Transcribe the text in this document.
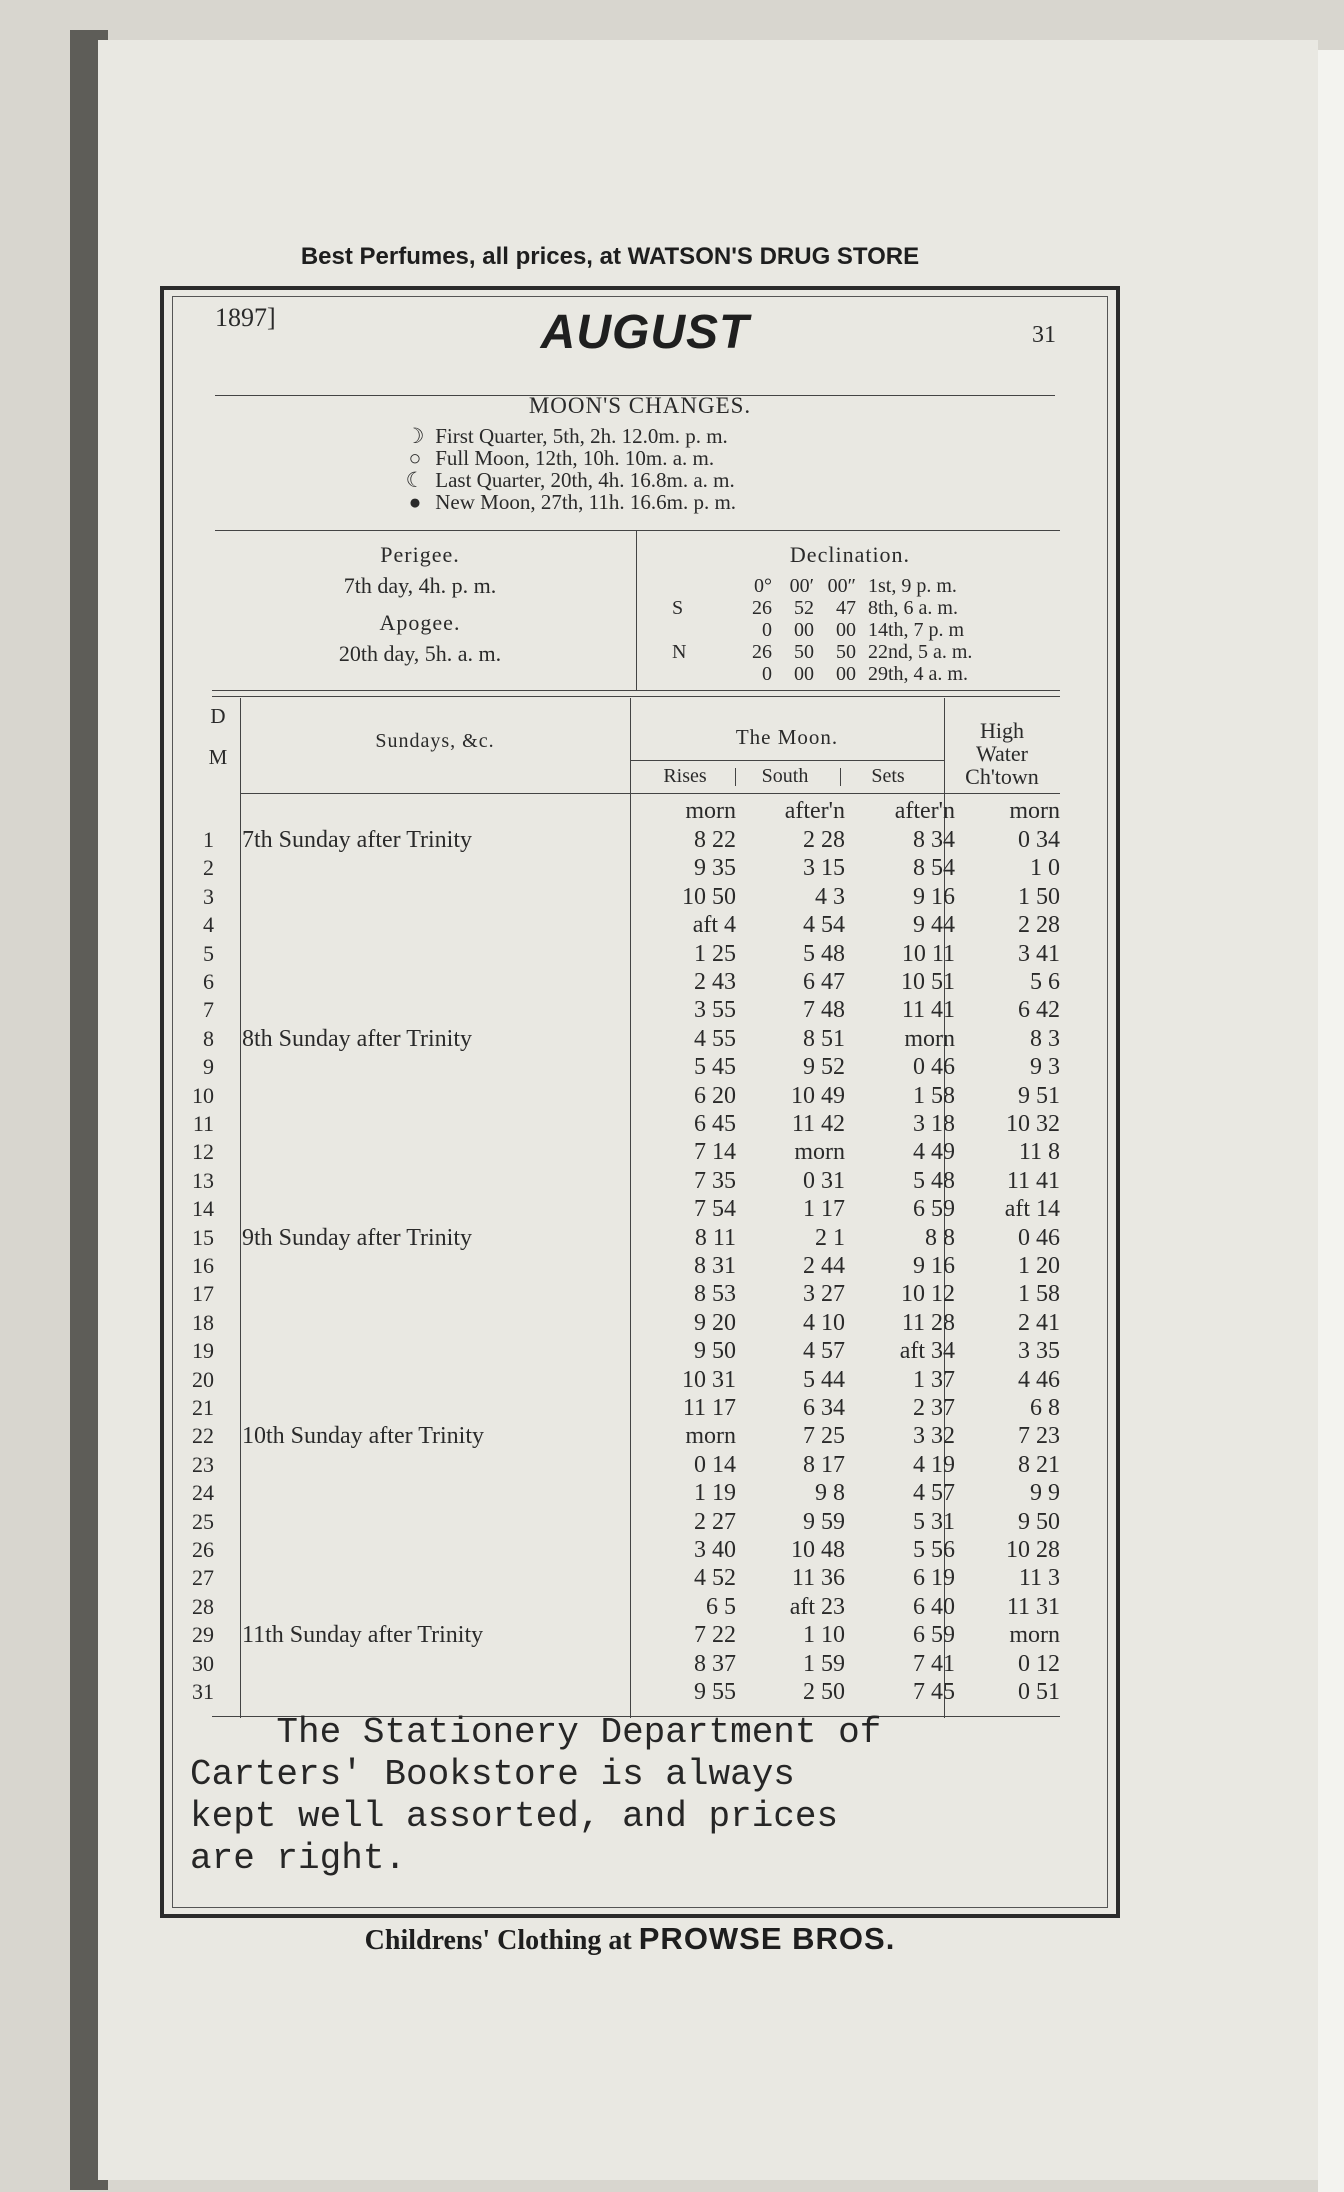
Best Perfumes, all prices, at WATSON'S DRUG STORE
1897]	AUGUST	31
MOON'S CHANGES.
☽ First Quarter, 5th, 2h. 12.0m. p. m.
○ Full Moon, 12th, 10h. 10m. a. m.
☾ Last Quarter, 20th, 4h. 16.8m. a. m.
● New Moon, 27th, 11h. 16.6m. p. m.
Perigee.
7th day, 4h. p. m.
Apogee.
20th day, 5h. a. m.
Declination.
0° 00′ 00″ 1st, 9 p. m.
S	26 52 47 8th, 6 a. m.
0 00 00 14th, 7 p. m
N	26 50 50 22nd, 5 a. m.
0 00 00 29th, 4 a. m.
D
M
Sundays, &c.	The Moon.
Rises	South	Sets
High
Water
Ch'town
morn	after'n	after'n	morn
1 7th Sunday after Trinity	8 22	2 28	8 34	0 34
2	9 35	3 15	8 54	1 0
3	10 50	4 3	9 16	1 50
4	aft 4	4 54	9 44	2 28
5	1 25	5 48	10 11	3 41
6	2 43	6 47	10 51	5 6
7	3 55	7 48	11 41	6 42
8 8th Sunday after Trinity	4 55	8 51	morn	8 3
9	5 45	9 52	0 46	9 3
10	6 20	10 49	1 58	9 51
11	6 45	11 42	3 18	10 32
12	7 14	morn	4 49	11 8
13	7 35	0 31	5 48	11 41
14	7 54	1 17	6 59	aft 14
15 9th Sunday after Trinity	8 11	2 1	8 8	0 46
16	8 31	2 44	9 16	1 20
17	8 53	3 27	10 12	1 58
18	9 20	4 10	11 28	2 41
19	9 50	4 57	aft 34	3 35
20	10 31	5 44	1 37	4 46
21	11 17	6 34	2 37	6 8
22 10th Sunday after Trinity	morn	7 25	3 32	7 23
23	0 14	8 17	4 19	8 21
24	1 19	9 8	4 57	9 9
25	2 27	9 59	5 31	9 50
26	3 40	10 48	5 56	10 28
27	4 52	11 36	6 19	11 3
28	6 5	aft 23	6 40	11 31
29 11th Sunday after Trinity	7 22	1 10	6 59	morn
30	8 37	1 59	7 41	0 12
31	9 55	2 50	7 45	0 51
The Stationery Department of
Carters' Bookstore is always
kept well assorted, and prices
are right.
Childrens' Clothing at PROWSE BROS.
